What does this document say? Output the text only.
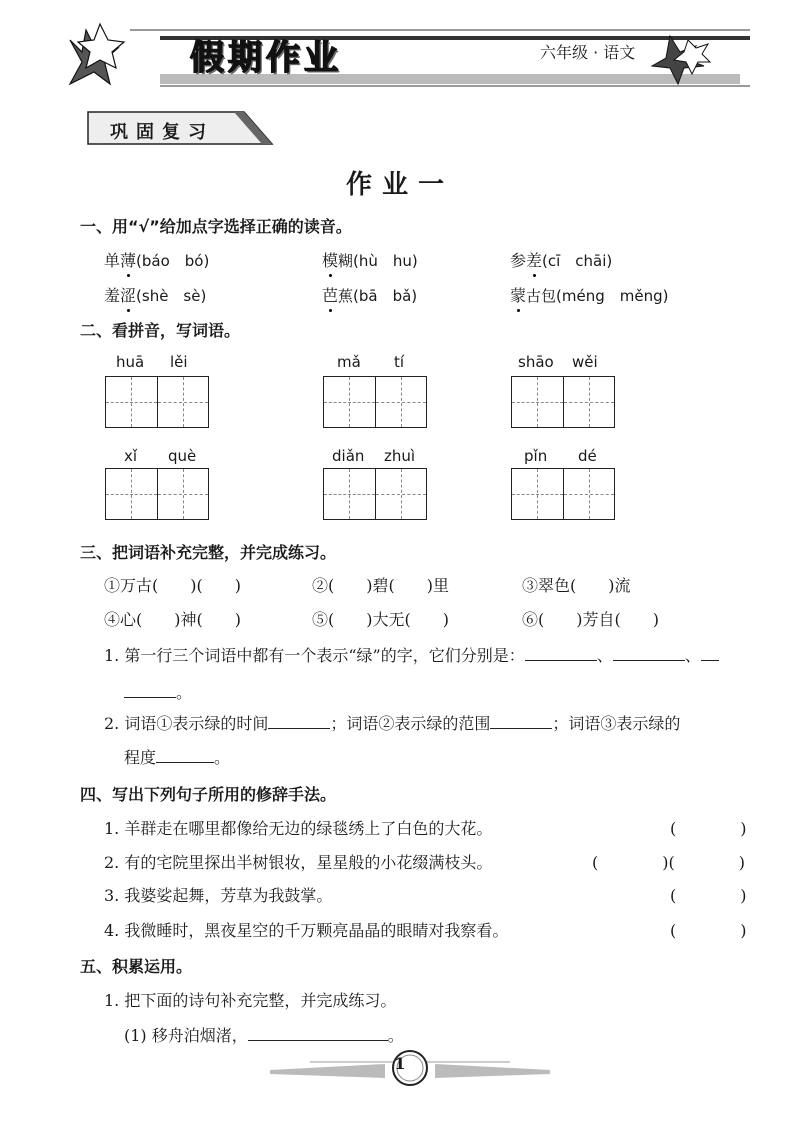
假期作业	六年级 · 语文
巩固复习
作业一
一、用“√”给加点字选择正确的读音。
单薄(báo　bó)	模糊(hù　hu)	参差(cī　chāi)
羞涩(shè　sè)	芭蕉(bā　bǎ)	蒙古包(méng　měng)
二、看拼音，写词语。
huā lěi	mǎ tí	shāo wěi
xǐ què	diǎn zhuì	pǐn dé
三、把词语补充完整，并完成练习。
①万古(　　)(　　)	②(　　)碧(　　)里	③翠色(　　)流
④心(　　)神(　　)	⑤(　　)大无(　　)	⑥(　　)芳自(　　)
1. 第一行三个词语中都有一个表示“绿”的字，它们分别是：	、	、
。
2. 词语①表示绿的时间	；词语②表示绿的范围	；词语③表示绿的
程度	。
四、写出下列句子所用的修辞手法。
1. 羊群走在哪里都像给无边的绿毯绣上了白色的大花。	(　　　　)
2. 有的宅院里探出半树银妆，星星般的小花缀满枝头。	(　　　　)(　　　　)
3. 我婆娑起舞，芳草为我鼓掌。	(　　　　)
4. 我微睡时，黑夜星空的千万颗亮晶晶的眼睛对我察看。	(　　　　)
五、积累运用。
1. 把下面的诗句补充完整，并完成练习。
(1) 移舟泊烟渚，	。
1
